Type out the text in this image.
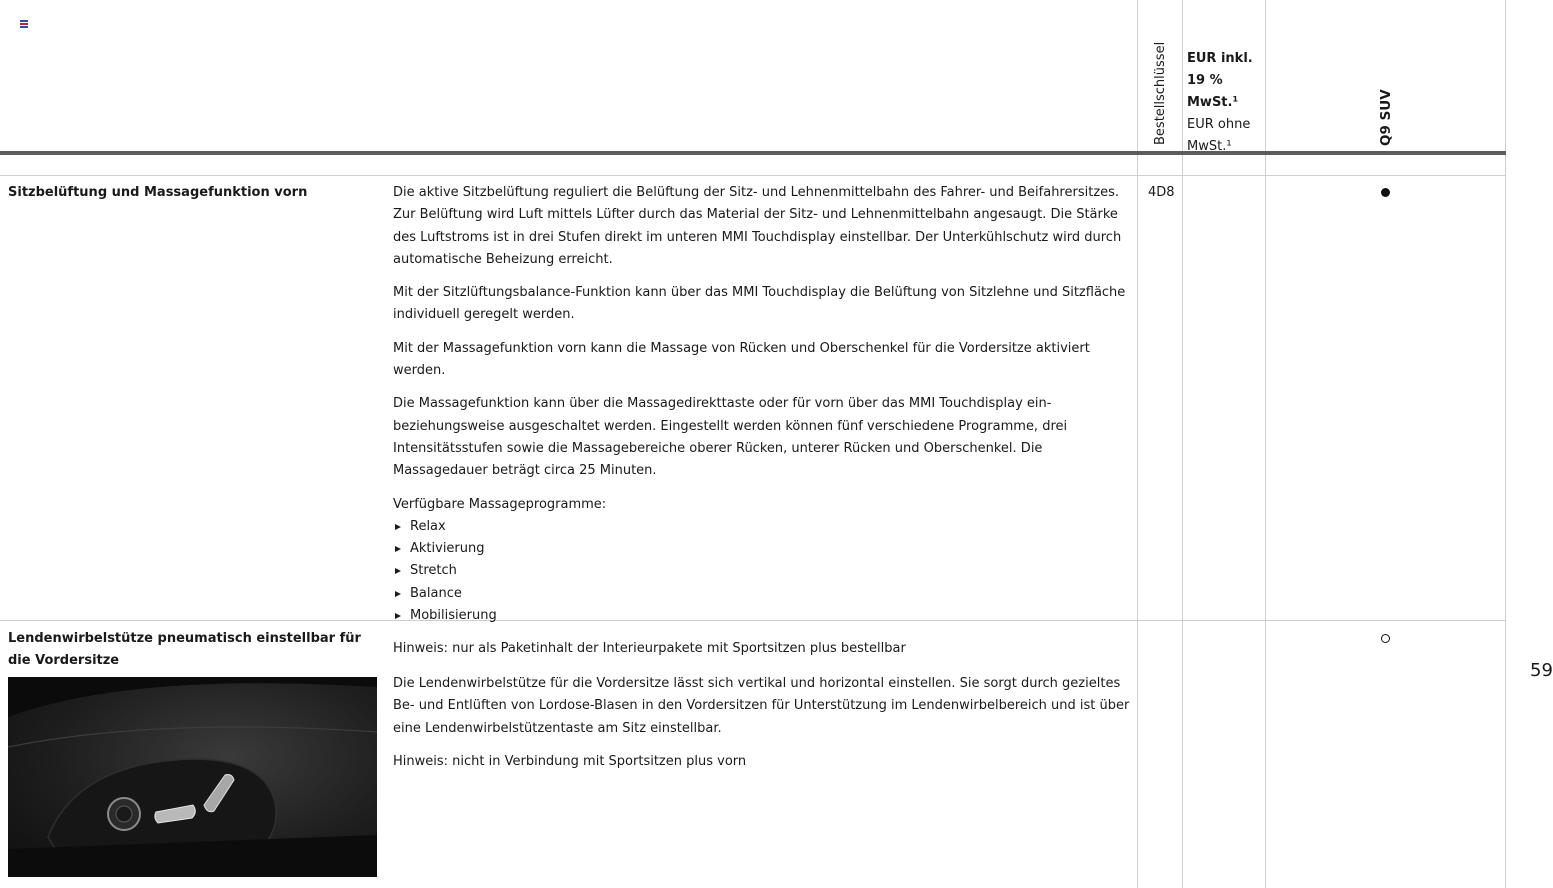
Bestellschlüssel EUR inkl.
19 % MwSt.¹
EUR ohne
MwSt.¹
Q9 SUV
Sitzbelüftung und Massagefunktion vorn	Die aktive Sitzbelüftung reguliert die Belüftung der Sitz- und Lehnenmittelbahn des Fahrer- und Beifahrersitzes. Zur Belüftung wird Luft mittels Lüfter durch das Material der Sitz- und Lehnenmittelbahn angesaugt. Die Stärke des Luftstroms ist in drei Stufen direkt im unteren MMI Touchdisplay einstellbar. Der Unterkühlschutz wird durch automatische Beheizung erreicht.

Mit der Sitzlüftungsbalance-Funktion kann über das MMI Touchdisplay die Belüftung von Sitzlehne und Sitzfläche individuell geregelt werden.

Mit der Massagefunktion vorn kann die Massage von Rücken und Oberschenkel für die Vordersitze aktiviert werden.

Die Massagefunktion kann über die Massagedirekttaste oder für vorn über das MMI Touchdisplay ein- beziehungsweise ausgeschaltet werden. Eingestellt werden können fünf verschiedene Programme, drei Intensitätsstufen sowie die Massagebereiche oberer Rücken, unterer Rücken und Oberschenkel. Die Massagedauer beträgt circa 25 Minuten.

Verfügbare Massageprogramme:
Relax
Aktivierung
Stretch
Balance
Mobilisierung
Hinweis: nur als Paketinhalt der Interieurpakete mit Sportsitzen plus bestellbar
4D8
Lendenwirbelstütze pneumatisch einstellbar für die Vordersitze

Die Lendenwirbelstütze für die Vordersitze lässt sich vertikal und horizontal einstellen. Sie sorgt durch gezieltes Be- und Entlüften von Lordose-Blasen in den Vordersitzen für Unterstützung im Lendenwirbelbereich und ist über eine Lendenwirbelstützentaste am Sitz einstellbar.

Hinweis: nicht in Verbindung mit Sportsitzen plus vorn
59
